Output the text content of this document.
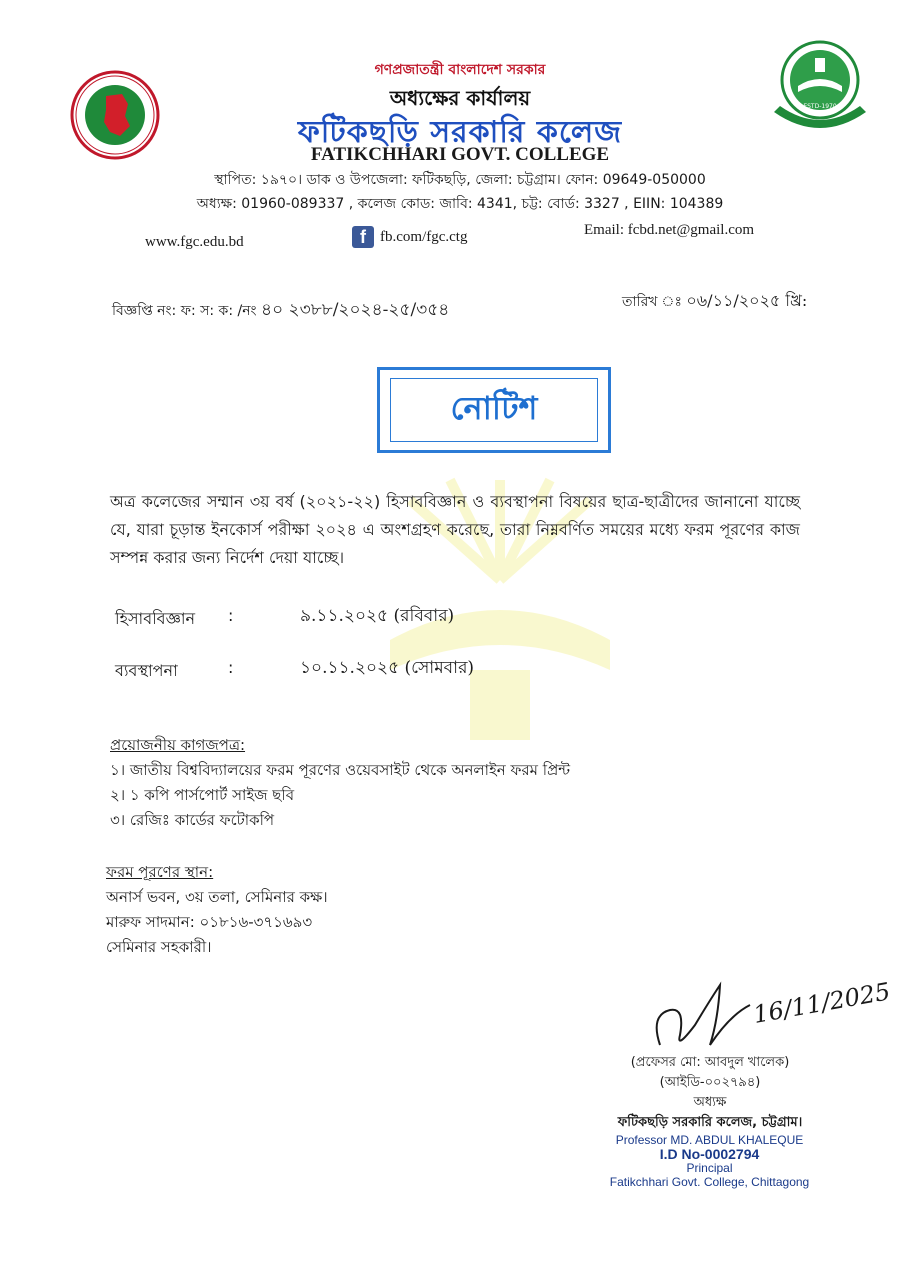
ESTD-1970
গণপ্রজাতন্ত্রী বাংলাদেশ সরকার
অধ্যক্ষের কার্যালয়
ফটিকছড়ি সরকারি কলেজ
FATIKCHHARI GOVT. COLLEGE
স্থাপিত: ১৯৭০। ডাক ও উপজেলা: ফটিকছড়ি, জেলা: চট্টগ্রাম। ফোন: 09649-050000
অধ্যক্ষ: 01960-089337 , কলেজ কোড: জাবি: 4341, চট্ট: বোর্ড: 3327 , EIIN: 104389
www.fgc.edu.bd	f fb.com/fgc.ctg	Email: fcbd.net@gmail.com
বিজ্ঞপ্তি নং: ফ: স: ক: /নং ৪০ ২৩৮৮/২০২৪-২৫/৩৫৪	তারিখ ঃ ০৬/১১/২০২৫ খ্রি:
নোটিশ
অত্র কলেজের সম্মান ৩য় বর্ষ (২০২১-২২) হিসাববিজ্ঞান ও ব্যবস্থাপনা বিষয়ের ছাত্র-ছাত্রীদের জানানো যাচ্ছে যে, যারা চূড়ান্ত ইনকোর্স পরীক্ষা ২০২৪ এ অংশগ্রহণ করেছে, তারা নিম্নবর্ণিত সময়ের মধ্যে ফরম পূরণের কাজ সম্পন্ন করার জন্য নির্দেশ দেয়া যাচ্ছে।
হিসাববিজ্ঞান :	৯.১১.২০২৫ (রবিবার)
ব্যবস্থাপনা	:	১০.১১.২০২৫ (সোমবার)
প্রয়োজনীয় কাগজপত্র:
১। জাতীয় বিশ্ববিদ্যালয়ের ফরম পূরণের ওয়েবসাইট থেকে অনলাইন ফরম প্রিন্ট
২। ১ কপি পার্সপোর্ট সাইজ ছবি
৩। রেজিঃ কার্ডের ফটোকপি
ফরম পূরণের স্থান:
অনার্স ভবন, ৩য় তলা, সেমিনার কক্ষ।
মারুফ সাদমান: ০১৮১৬-৩৭১৬৯৩
সেমিনার সহকারী।
16/11/2025
(প্রফেসর মো: আবদুল খালেক)
(আইডি-০০২৭৯৪)
অধ্যক্ষ
ফটিকছড়ি সরকারি কলেজ, চট্টগ্রাম।
Professor MD. ABDUL KHALEQUE
I.D No-0002794
Principal
Fatikchhari Govt. College, Chittagong
